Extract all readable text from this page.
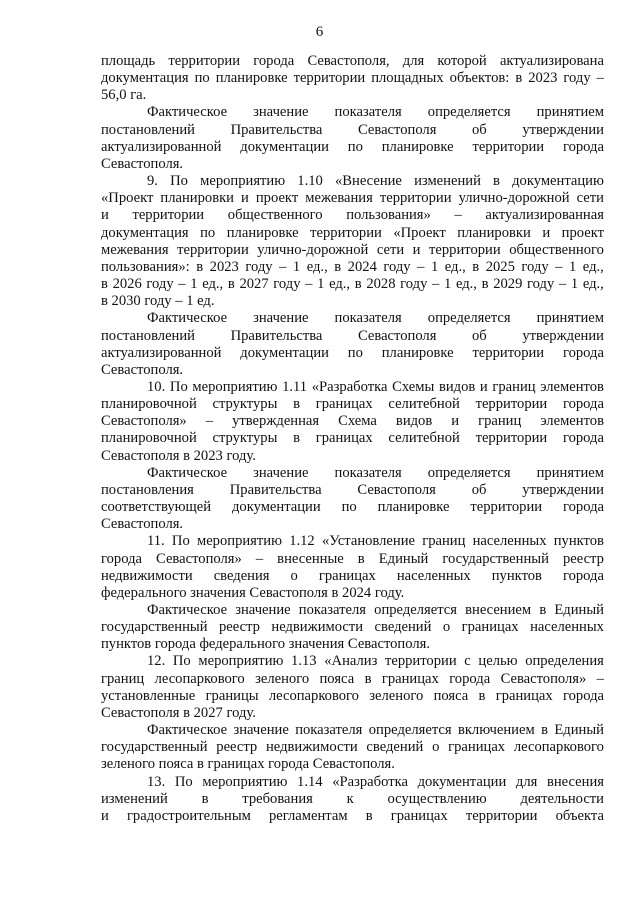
6
площадь территории города Севастополя, для которой актуализирована
документация по планировке территории площадных объектов: в 2023 году –
56,0 га.
Фактическое значение показателя определяется принятием
постановлений Правительства Севастополя об утверждении
актуализированной документации по планировке территории города
Севастополя.
9. По мероприятию 1.10 «Внесение изменений в документацию
«Проект планировки и проект межевания территории улично-дорожной сети
и территории общественного пользования» – актуализированная
документация по планировке территории «Проект планировки и проект
межевания территории улично-дорожной сети и территории общественного
пользования»: в 2023 году – 1 ед., в 2024 году – 1 ед., в 2025 году – 1 ед.,
в 2026 году – 1 ед., в 2027 году – 1 ед., в 2028 году – 1 ед., в 2029 году – 1 ед.,
в 2030 году – 1 ед.
Фактическое значение показателя определяется принятием
постановлений Правительства Севастополя об утверждении
актуализированной документации по планировке территории города
Севастополя.
10. По мероприятию 1.11 «Разработка Схемы видов и границ элементов
планировочной структуры в границах селитебной территории города
Севастополя» – утвержденная Схема видов и границ элементов
планировочной структуры в границах селитебной территории города
Севастополя в 2023 году.
Фактическое значение показателя определяется принятием
постановления Правительства Севастополя об утверждении
соответствующей документации по планировке территории города
Севастополя.
11. По мероприятию 1.12 «Установление границ населенных пунктов
города Севастополя» – внесенные в Единый государственный реестр
недвижимости сведения о границах населенных пунктов города
федерального значения Севастополя в 2024 году.
Фактическое значение показателя определяется внесением в Единый
государственный реестр недвижимости сведений о границах населенных
пунктов города федерального значения Севастополя.
12. По мероприятию 1.13 «Анализ территории с целью определения
границ лесопаркового зеленого пояса в границах города Севастополя» –
установленные границы лесопаркового зеленого пояса в границах города
Севастополя в 2027 году.
Фактическое значение показателя определяется включением в Единый
государственный реестр недвижимости сведений о границах лесопаркового
зеленого пояса в границах города Севастополя.
13. По мероприятию 1.14 «Разработка документации для внесения
изменений в требования к осуществлению деятельности
и градостроительным регламентам в границах территории объекта
